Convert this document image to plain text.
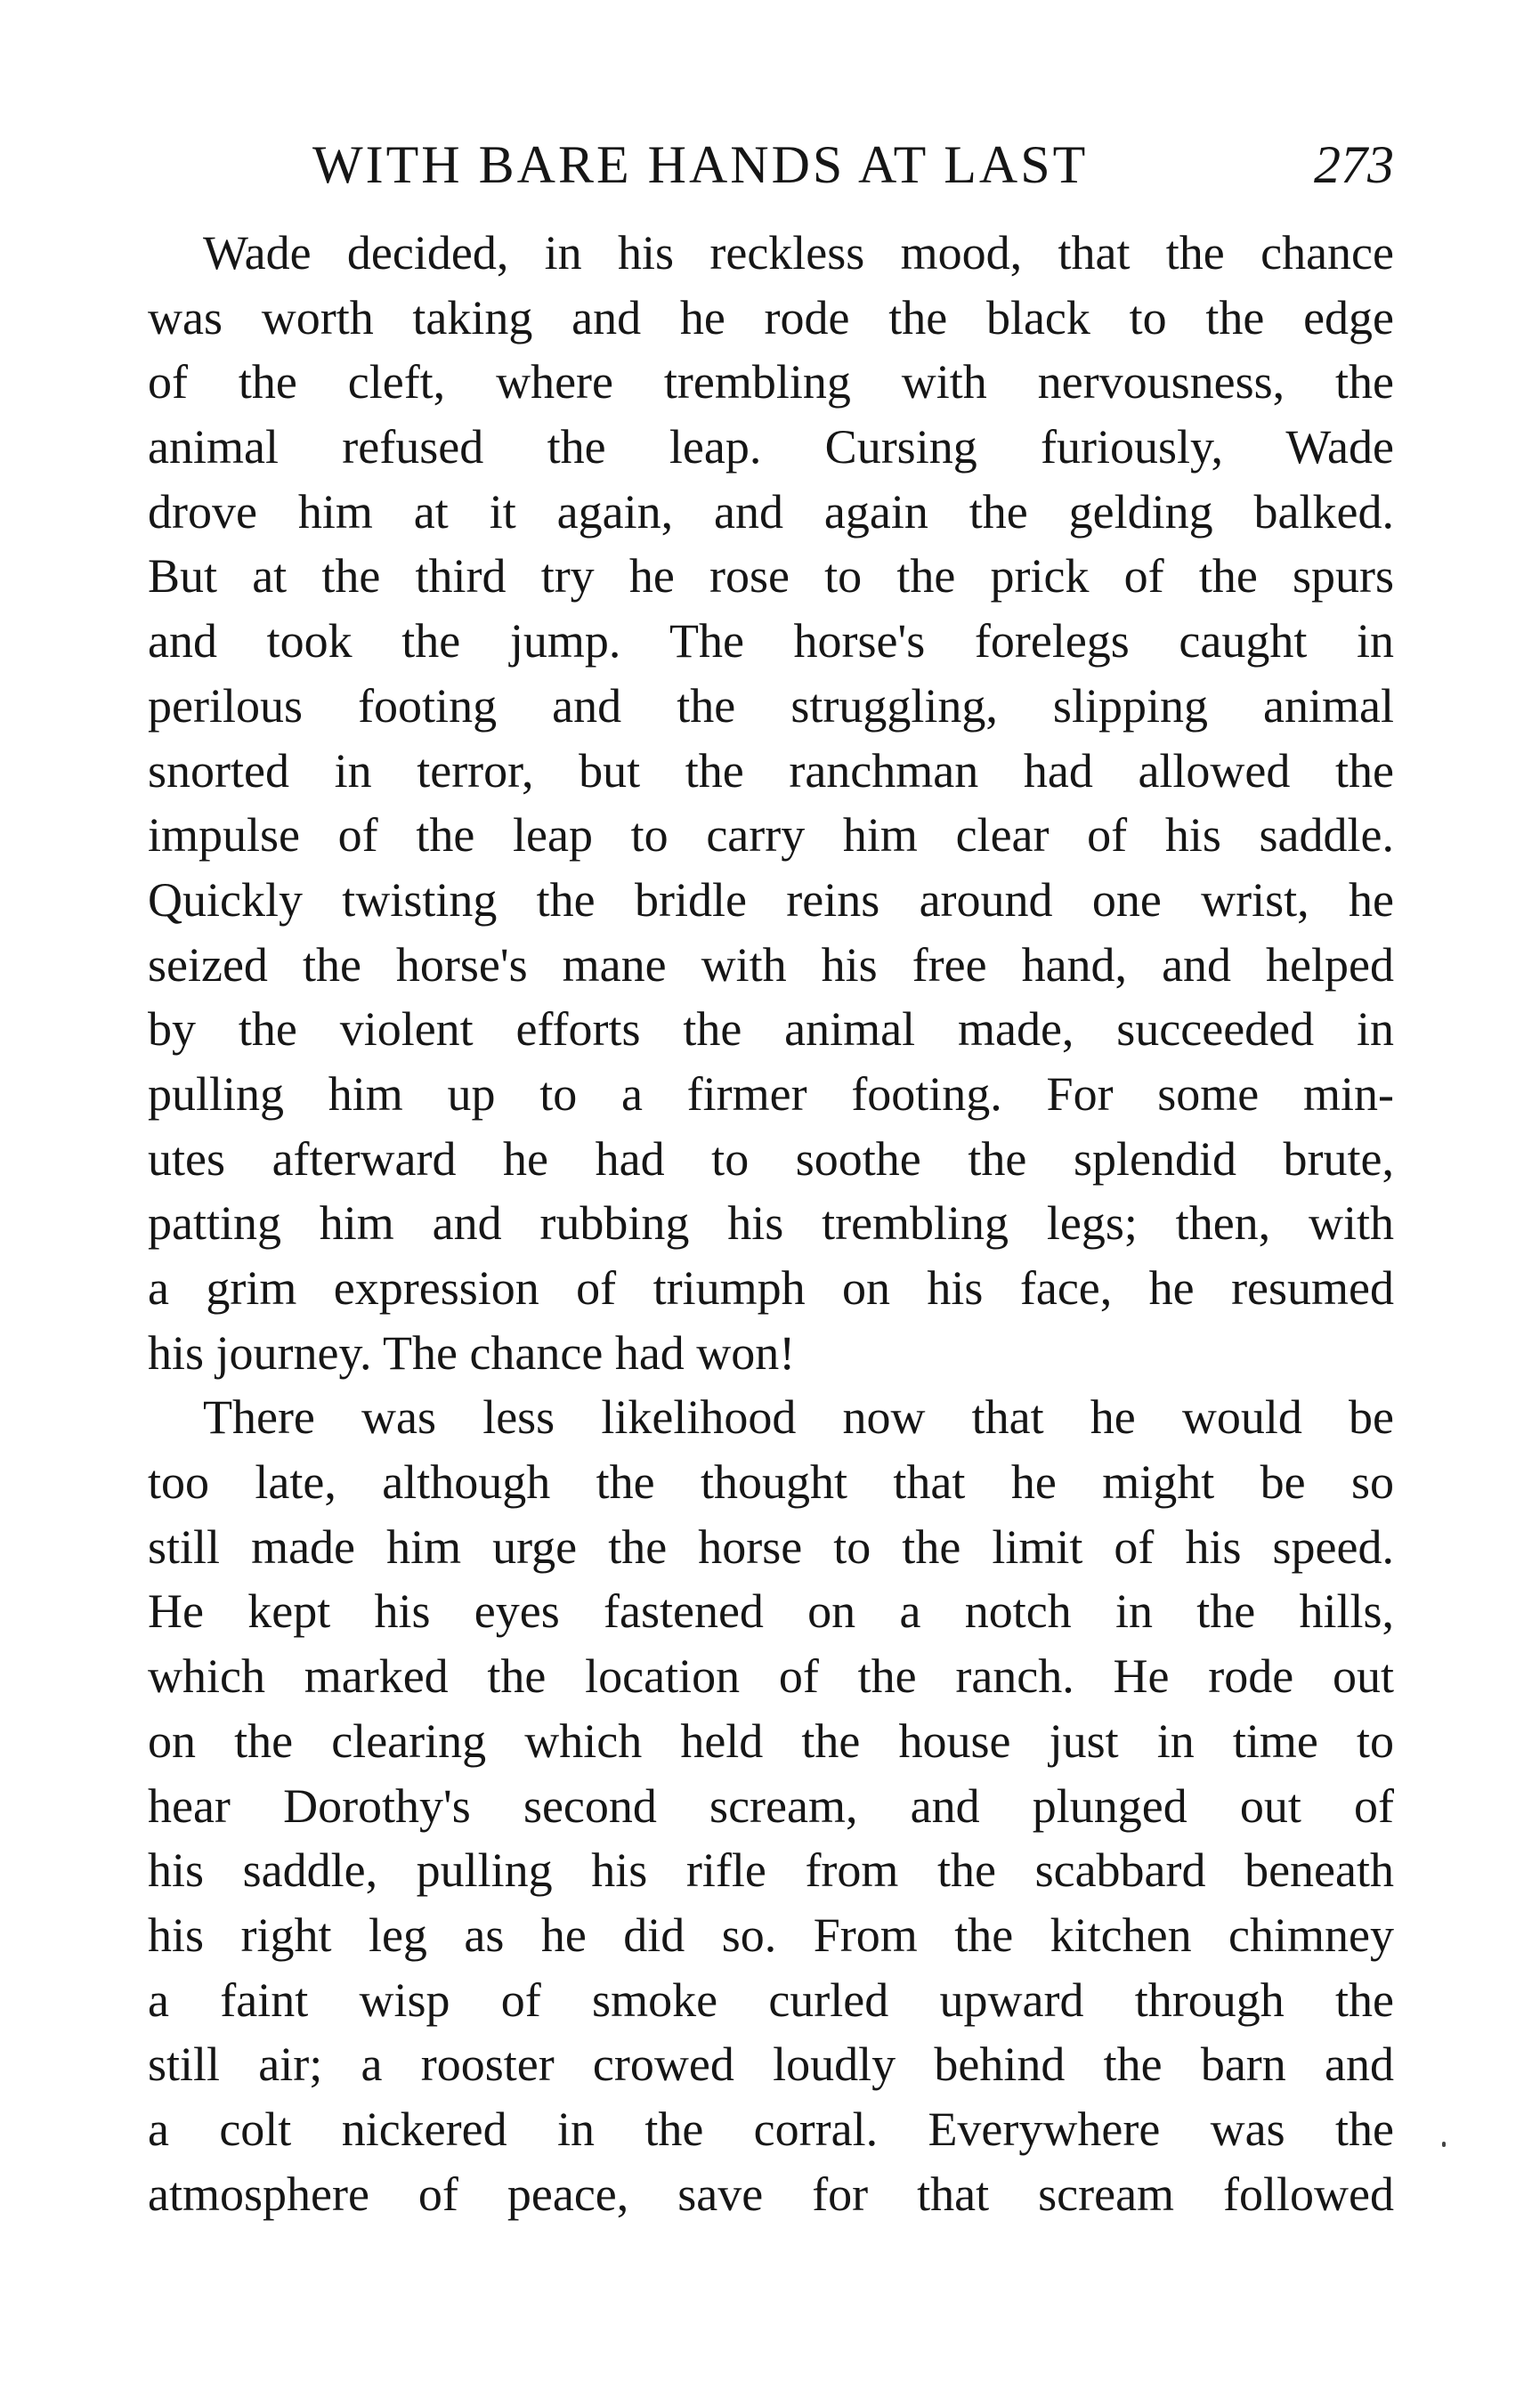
WITH BARE HANDS AT LAST	273

Wade decided, in his reckless mood, that the chance
was worth taking and he rode the black to the edge
of the cleft, where trembling with nervousness, the
animal refused the leap. Cursing furiously, Wade
drove him at it again, and again the gelding balked.
But at the third try he rose to the prick of the spurs
and took the jump. The horse's forelegs caught in
perilous footing and the struggling, slipping animal
snorted in terror, but the ranchman had allowed the
impulse of the leap to carry him clear of his saddle.
Quickly twisting the bridle reins around one wrist, he
seized the horse's mane with his free hand, and helped
by the violent efforts the animal made, succeeded in
pulling him up to a firmer footing. For some min-
utes afterward he had to soothe the splendid brute,
patting him and rubbing his trembling legs; then, with
a grim expression of triumph on his face, he resumed
his journey. The chance had won!

There was less likelihood now that he would be
too late, although the thought that he might be so
still made him urge the horse to the limit of his speed.
He kept his eyes fastened on a notch in the hills,
which marked the location of the ranch. He rode out
on the clearing which held the house just in time to
hear Dorothy's second scream, and plunged out of
his saddle, pulling his rifle from the scabbard beneath
his right leg as he did so. From the kitchen chimney
a faint wisp of smoke curled upward through the
still air; a rooster crowed loudly behind the barn and
a colt nickered in the corral. Everywhere was the
atmosphere of peace, save for that scream followed
